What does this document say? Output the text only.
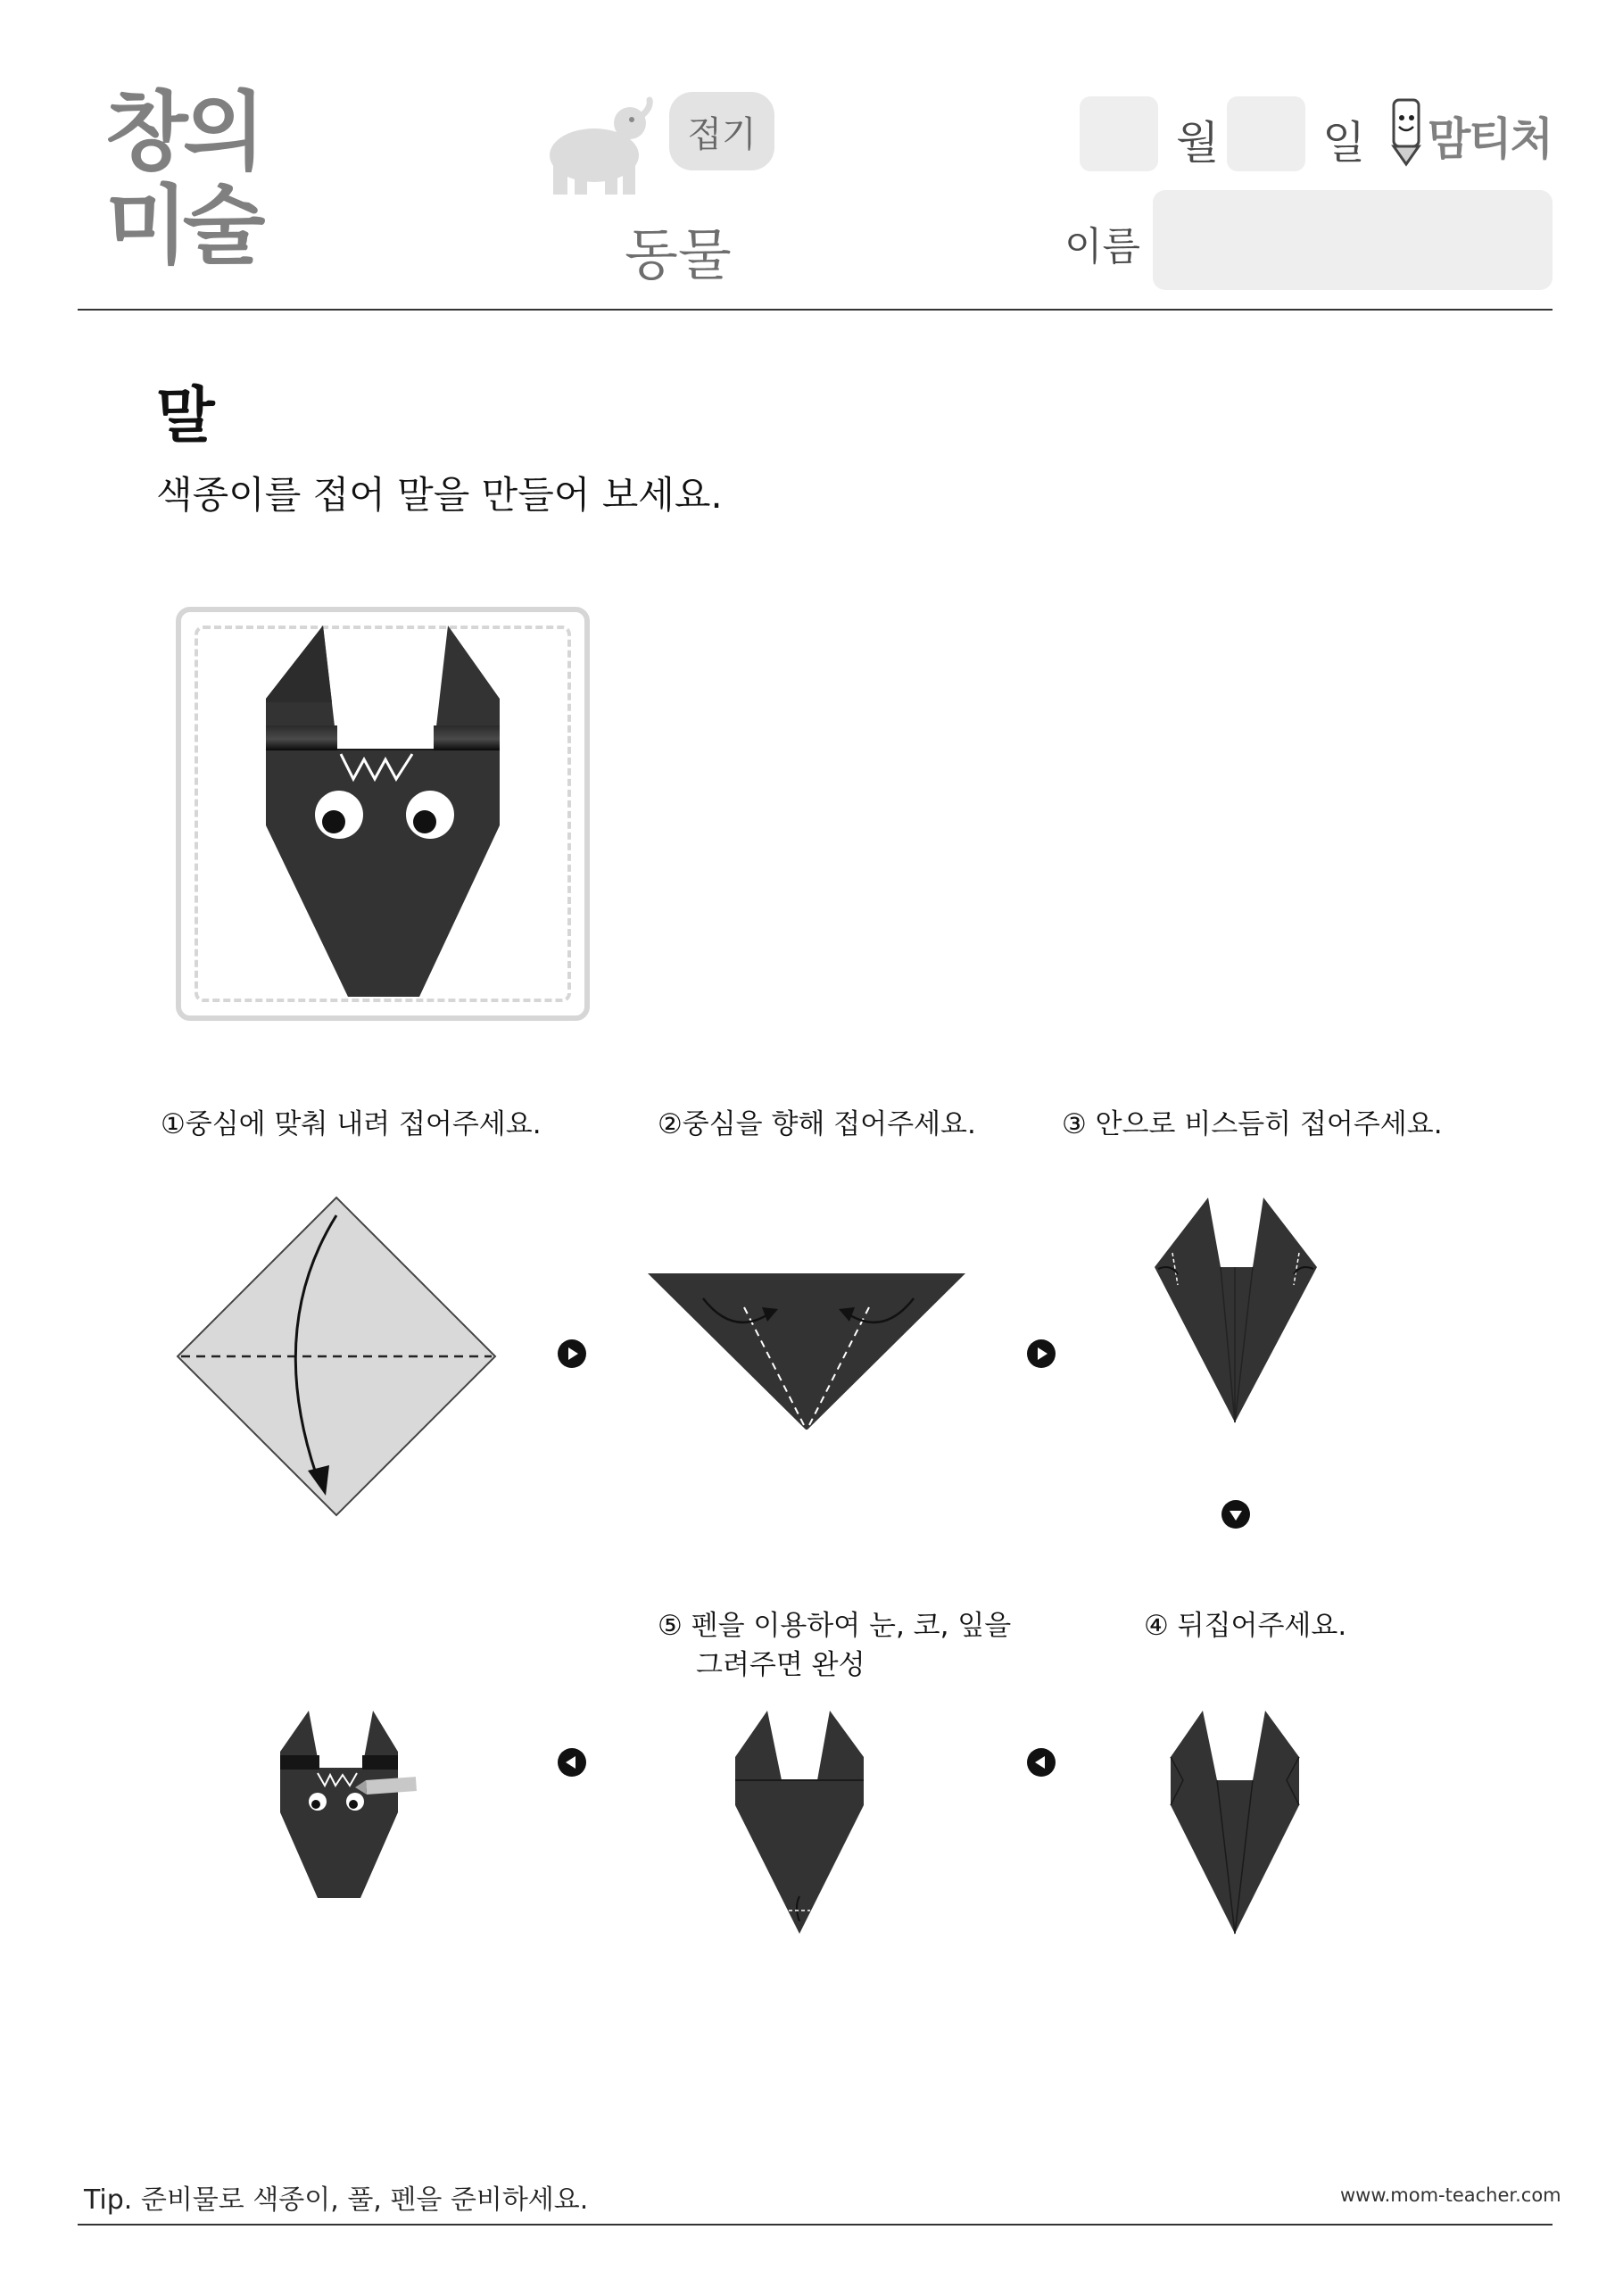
창의
미술
접기
동물
월 일 맘티처
이름
말
색종이를 접어 말을 만들어 보세요.
①중심에 맞춰 내려 접어주세요.	②중심을 향해 접어주세요.	③ 안으로 비스듬히 접어주세요.
④ 뒤집어주세요.
⑤ 펜을 이용하여 눈, 코, 잎을
그려주면 완성
Tip. 준비물로 색종이, 풀, 펜을 준비하세요.	www.mom-teacher.com
